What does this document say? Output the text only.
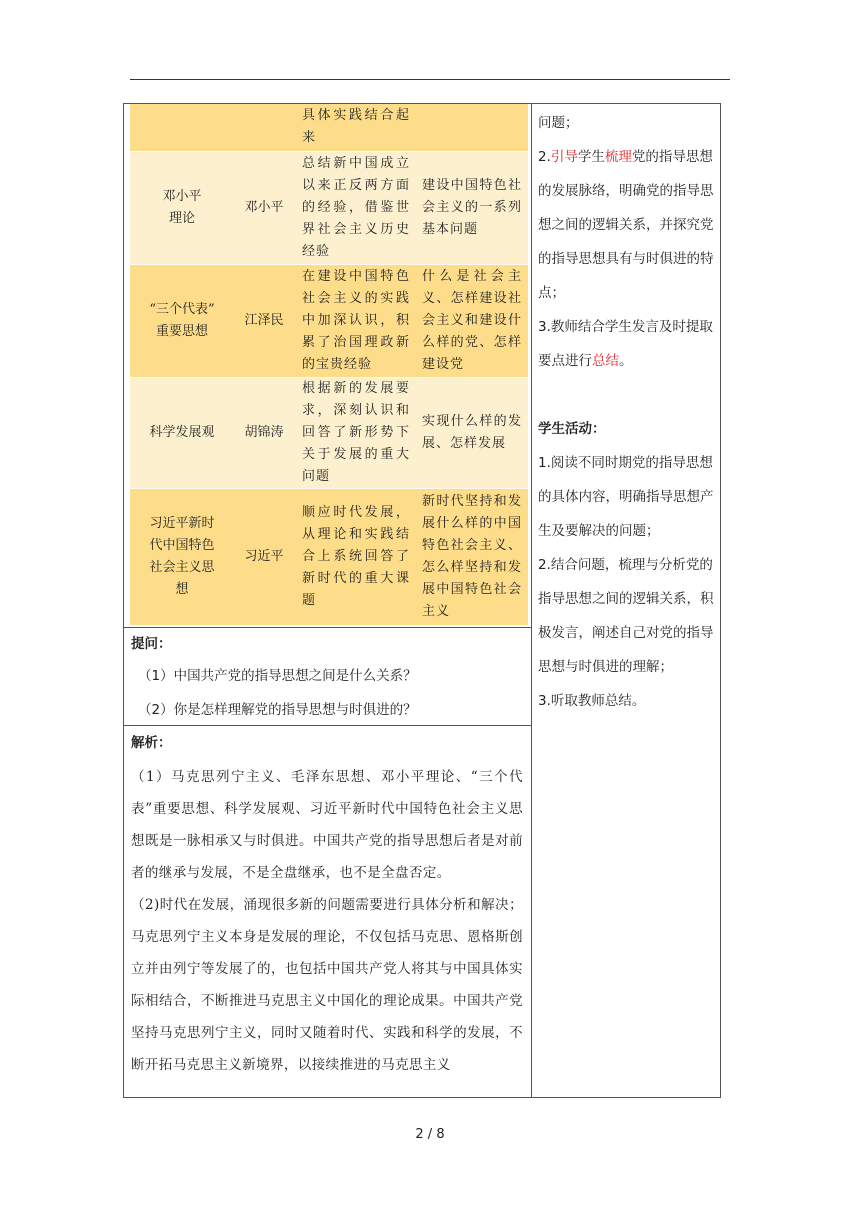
具体实践结合起来
邓小平
理论
邓小平
总结新中国成立以来正反两方面的经验，借鉴世界社会主义历史经验
建设中国特色社会主义的一系列基本问题
“三个代表”
重要思想
江泽民
在建设中国特色社会主义的实践中加深认识，积累了治国理政新的宝贵经验
什么是社会主义、怎样建设社会主义和建设什么样的党、怎样建设党
科学发展观	胡锦涛
根据新的发展要求，深刻认识和回答了新形势下关于发展的重大问题
实现什么样的发展、怎样发展
习近平新时
代中国特色
社会主义思
想
习近平
顺应时代发展，从理论和实践结合上系统回答了新时代的重大课题
新时代坚持和发展什么样的中国特色社会主义、怎么样坚持和发展中国特色社会主义
提问：
（1）中国共产党的指导思想之间是什么关系？
（2）你是怎样理解党的指导思想与时俱进的？
解析：
（1）马克思列宁主义、毛泽东思想、邓小平理论、“三个代表”重要思想、科学发展观、习近平新时代中国特色社会主义思想既是一脉相承又与时俱进。中国共产党的指导思想后者是对前者的继承与发展，不是全盘继承，也不是全盘否定。
（2)时代在发展，涌现很多新的问题需要进行具体分析和解决；马克思列宁主义本身是发展的理论，不仅包括马克思、恩格斯创立并由列宁等发展了的，也包括中国共产党人将其与中国具体实际相结合，不断推进马克思主义中国化的理论成果。中国共产党坚持马克思列宁主义，同时又随着时代、实践和科学的发展，不断开拓马克思主义新境界，以接续推进的马克思主义

问题；

2.引导学生梳理党的指导思想的发展脉络，明确党的指导思想之间的逻辑关系，并探究党的指导思想具有与时俱进的特点；

3.教师结合学生发言及时提取要点进行总结。

学生活动：

1.阅读不同时期党的指导思想的具体内容，明确指导思想产生及要解决的问题；

2.结合问题，梳理与分析党的指导思想之间的逻辑关系，积极发言，阐述自己对党的指导思想与时俱进的理解；

3.听取教师总结。

2 / 8
